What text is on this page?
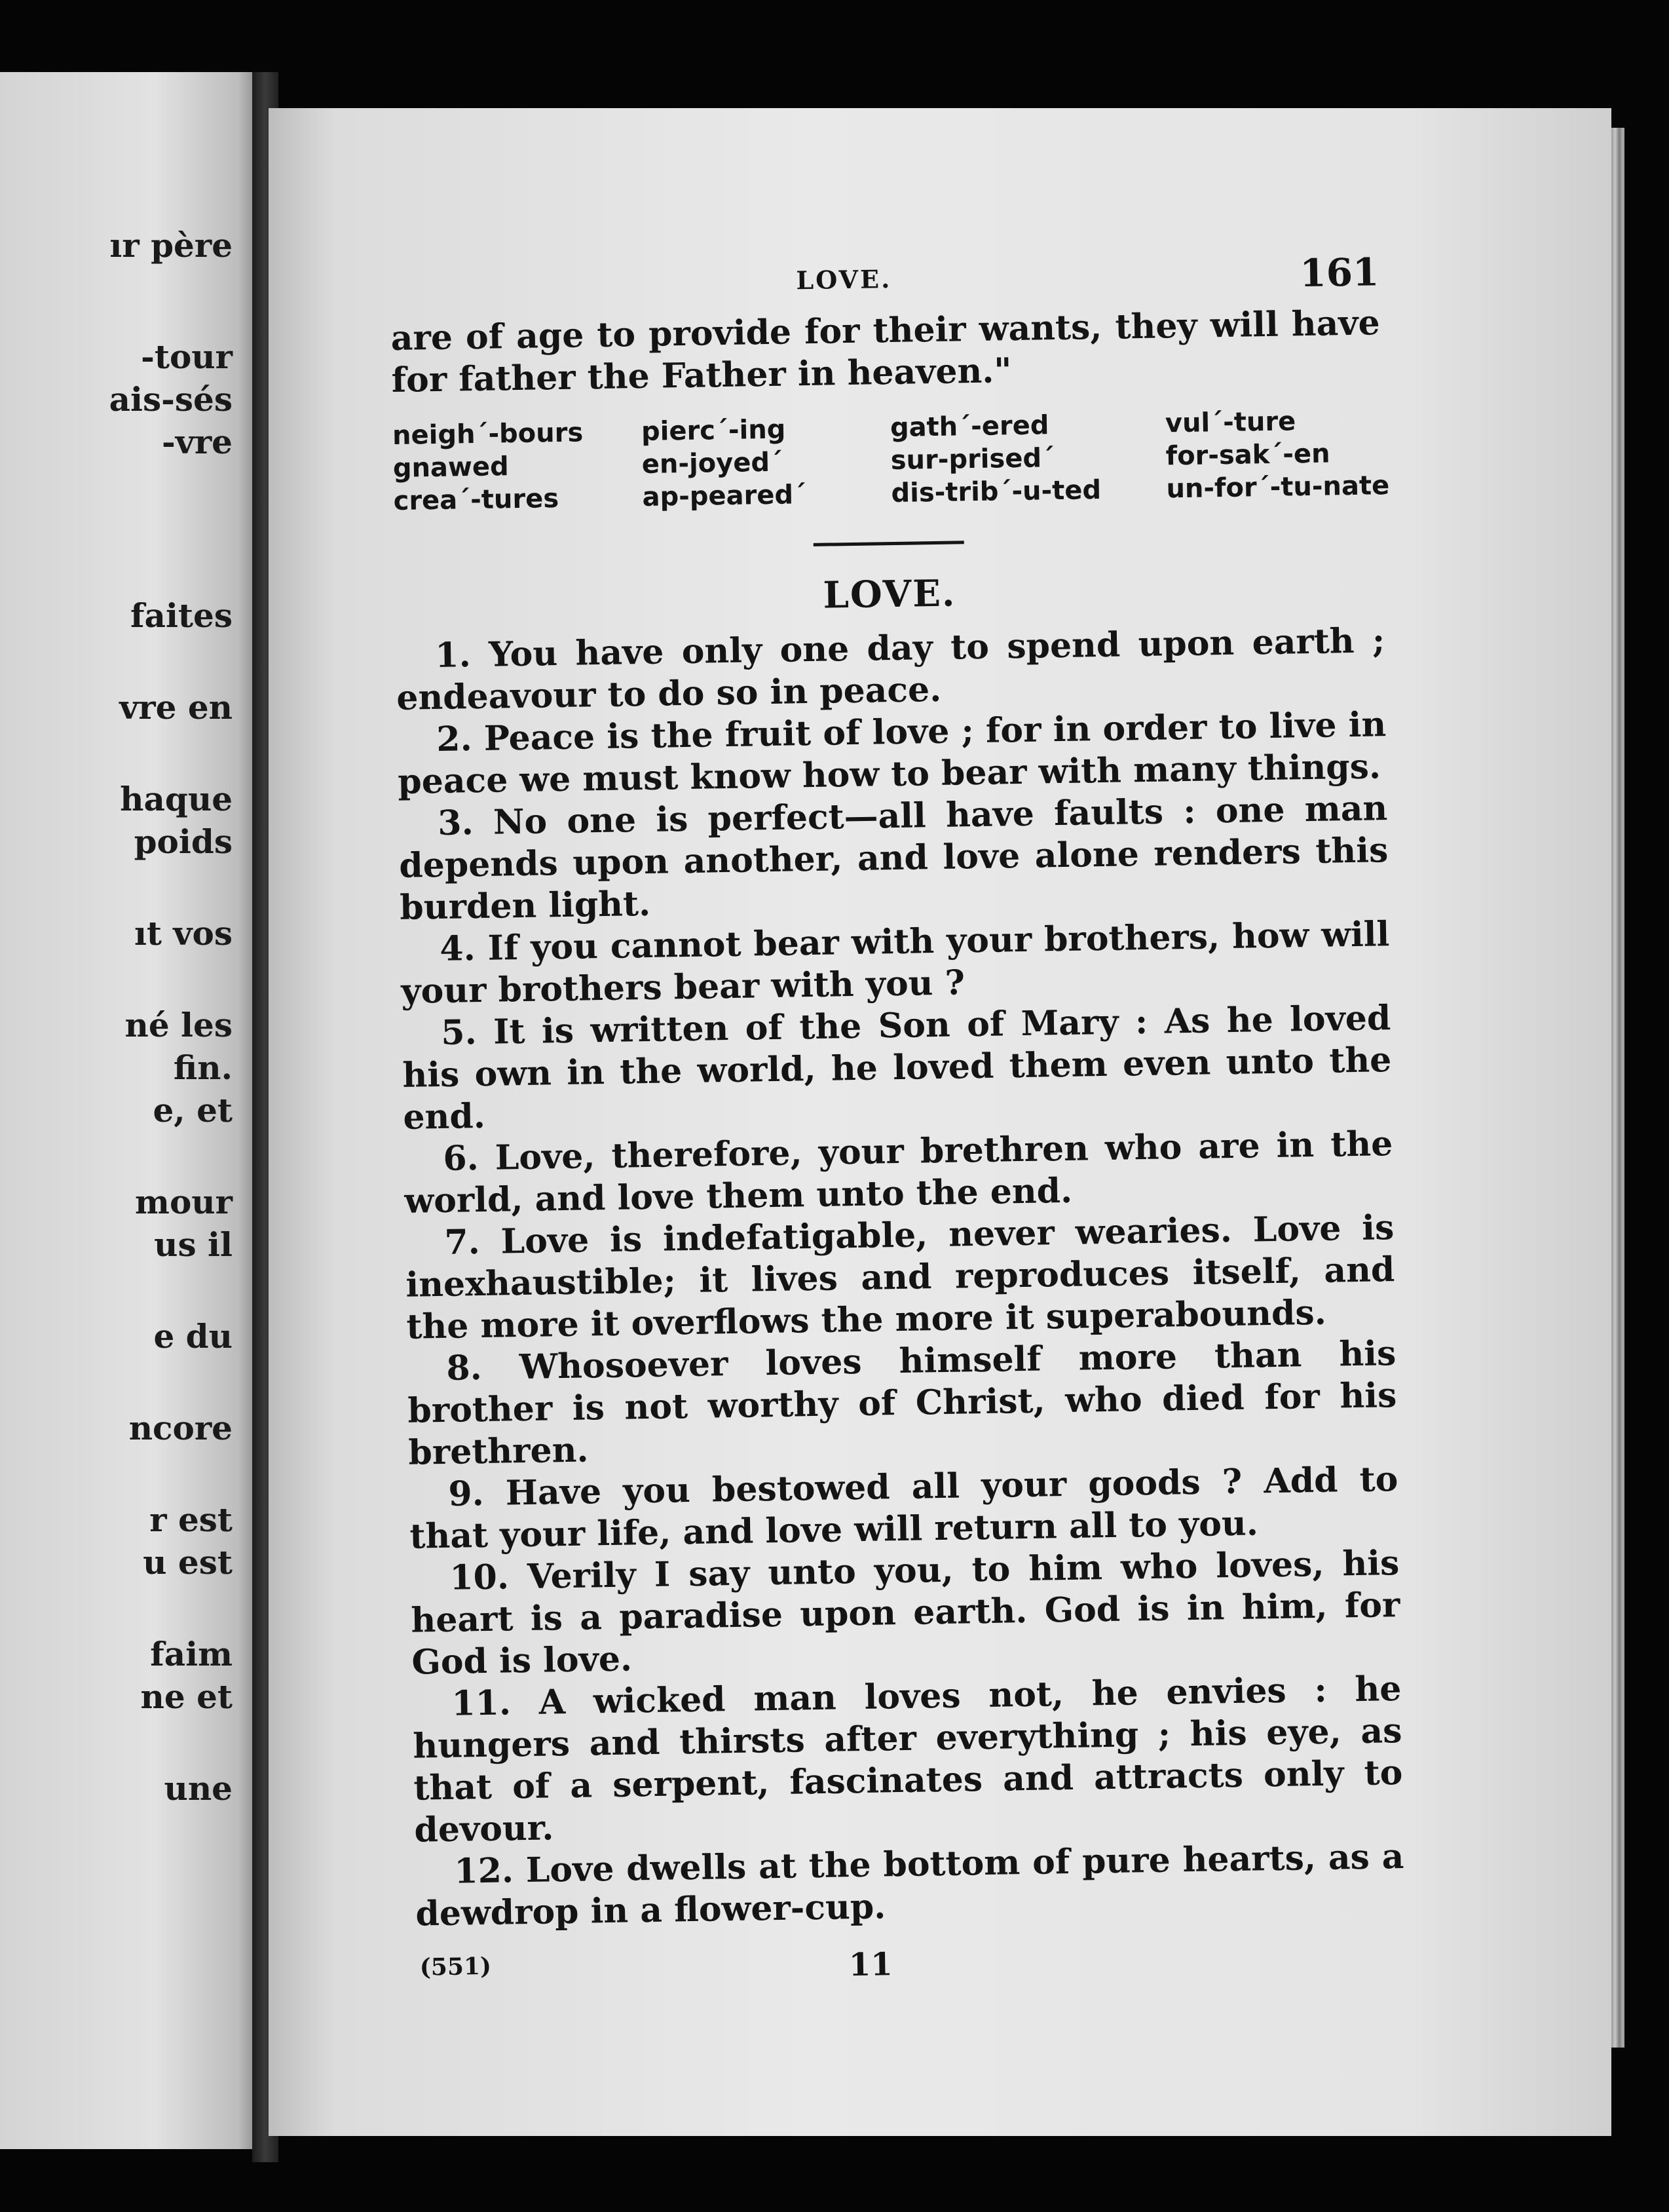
ır père
-tour
ais-sés
-vre
faites
vre en
haque
poids
ıt vos
né les
fin.
e, et
mour
us il
e du
ncore
r est
u est
faim
ne et
une
LOVE.	161

are of age to provide for their wants, they will have for father the Father in heaven."

neigh´-bours	pierc´-ing	gath´-ered	vul´-ture
gnawed	en-joyed´	sur-prised´	for-sak´-en
crea´-tures	ap-peared´	dis-trib´-u-ted	un-for´-tu-nate
LOVE.

1. You have only one day to spend upon earth ; endeavour to do so in peace.

2. Peace is the fruit of love ; for in order to live in peace we must know how to bear with many things.

3. No one is perfect—all have faults : one man depends upon another, and love alone renders this burden light.

4. If you cannot bear with your brothers, how will your brothers bear with you ?

5. It is written of the Son of Mary : As he loved his own in the world, he loved them even unto the end.

6. Love, therefore, your brethren who are in the world, and love them unto the end.

7. Love is indefatigable, never wearies. Love is inexhaustible; it lives and reproduces itself, and the more it overflows the more it superabounds.

8. Whosoever loves himself more than his brother is not worthy of Christ, who died for his brethren.

9. Have you bestowed all your goods ? Add to that your life, and love will return all to you.

10. Verily I say unto you, to him who loves, his heart is a paradise upon earth. God is in him, for God is love.

11. A wicked man loves not, he envies : he hungers and thirsts after everything ; his eye, as that of a serpent, fascinates and attracts only to devour.

12. Love dwells at the bottom of pure hearts, as a dewdrop in a flower-cup.

(551)	11
